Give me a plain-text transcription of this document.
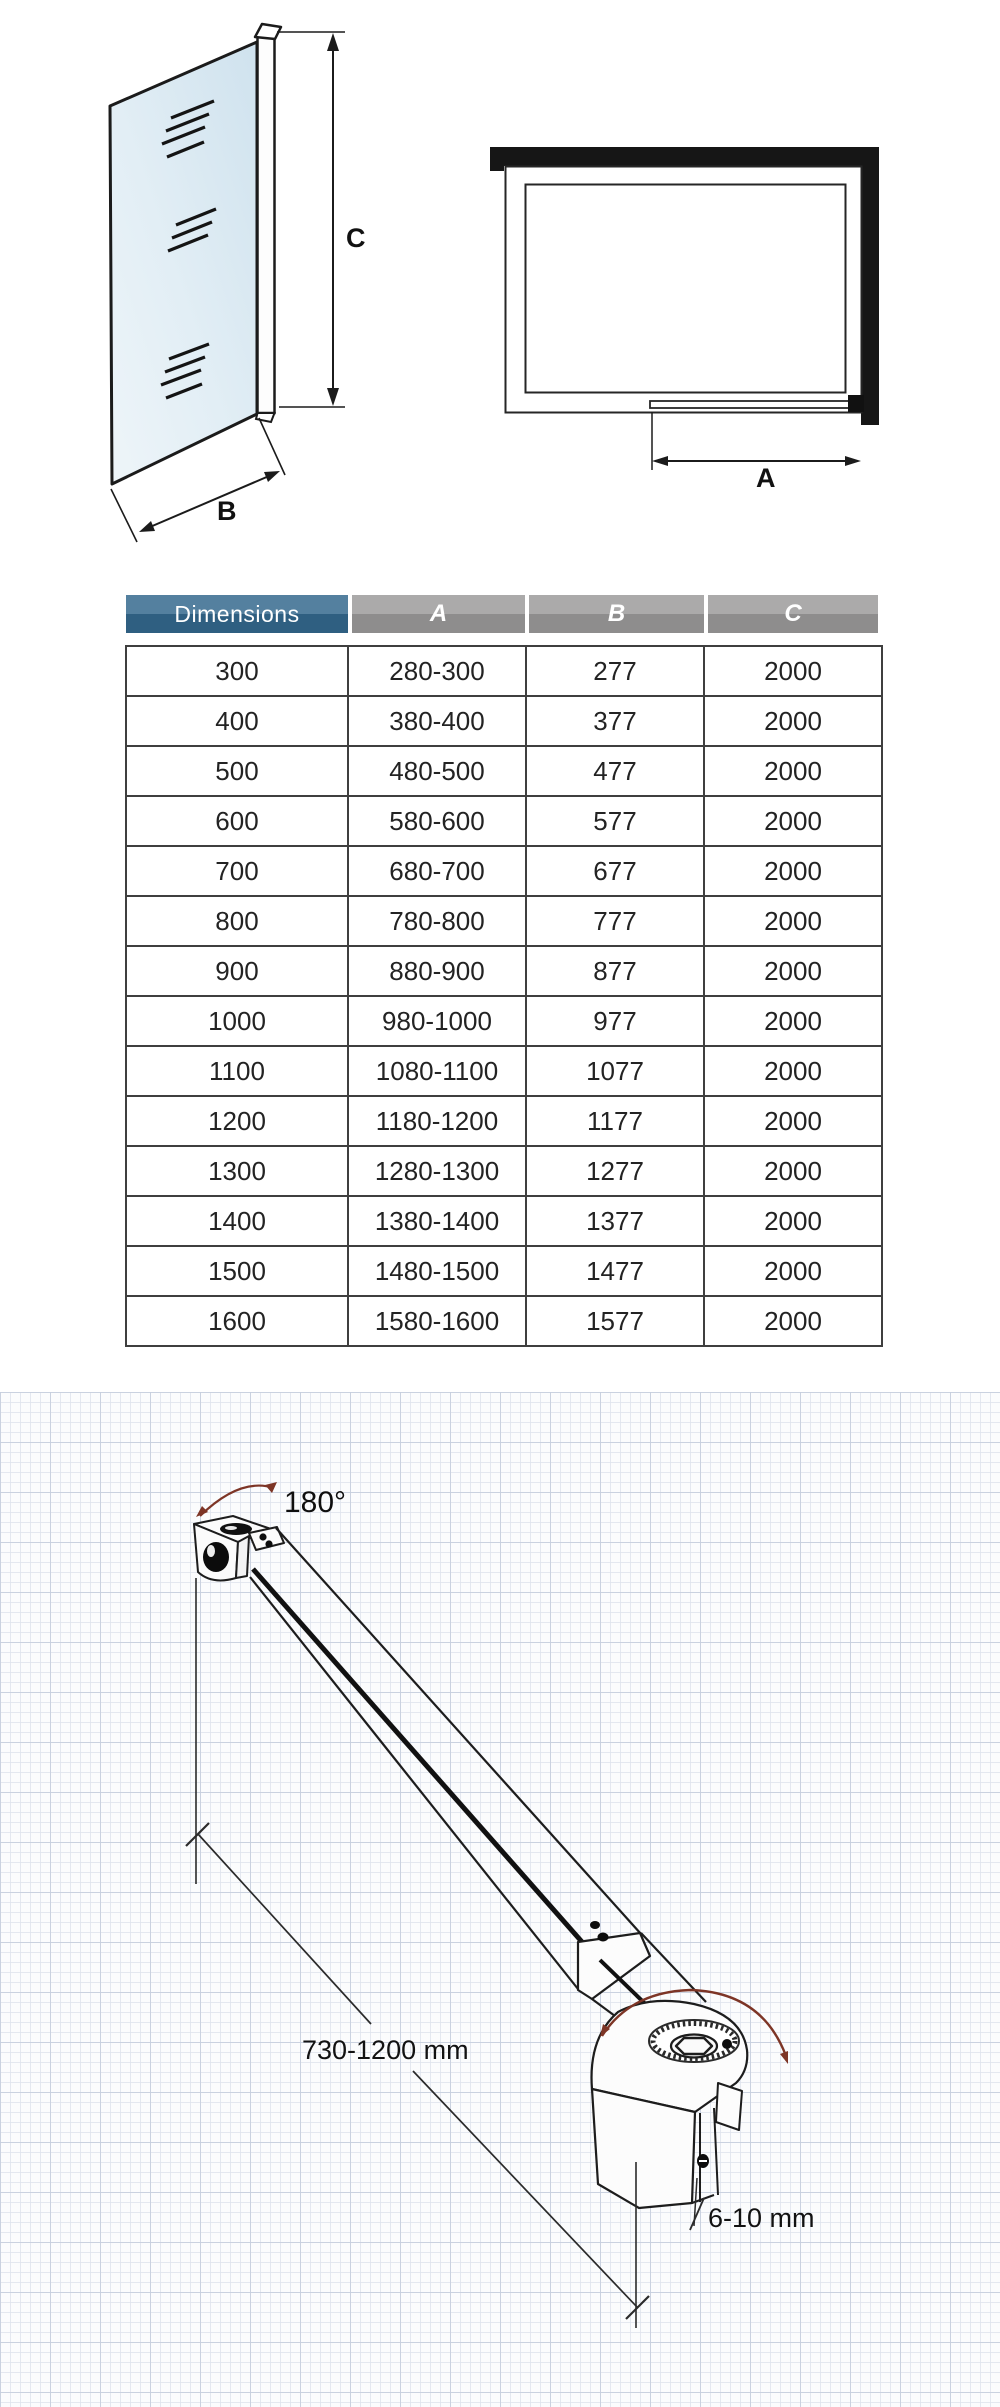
C
B
A
Dimensions	A	B	C
300	280-300	277	2000
400	380-400	377	2000
500	480-500	477	2000
600	580-600	577	2000
700	680-700	677	2000
800	780-800	777	2000
900	880-900	877	2000
1000	980-1000	977	2000
1100	1080-1100	1077	2000
1200	1180-1200	1177	2000
1300	1280-1300	1277	2000
1400	1380-1400	1377	2000
1500	1480-1500	1477	2000
1600	1580-1600	1577	2000
180°
730-1200 mm
6-10 mm
